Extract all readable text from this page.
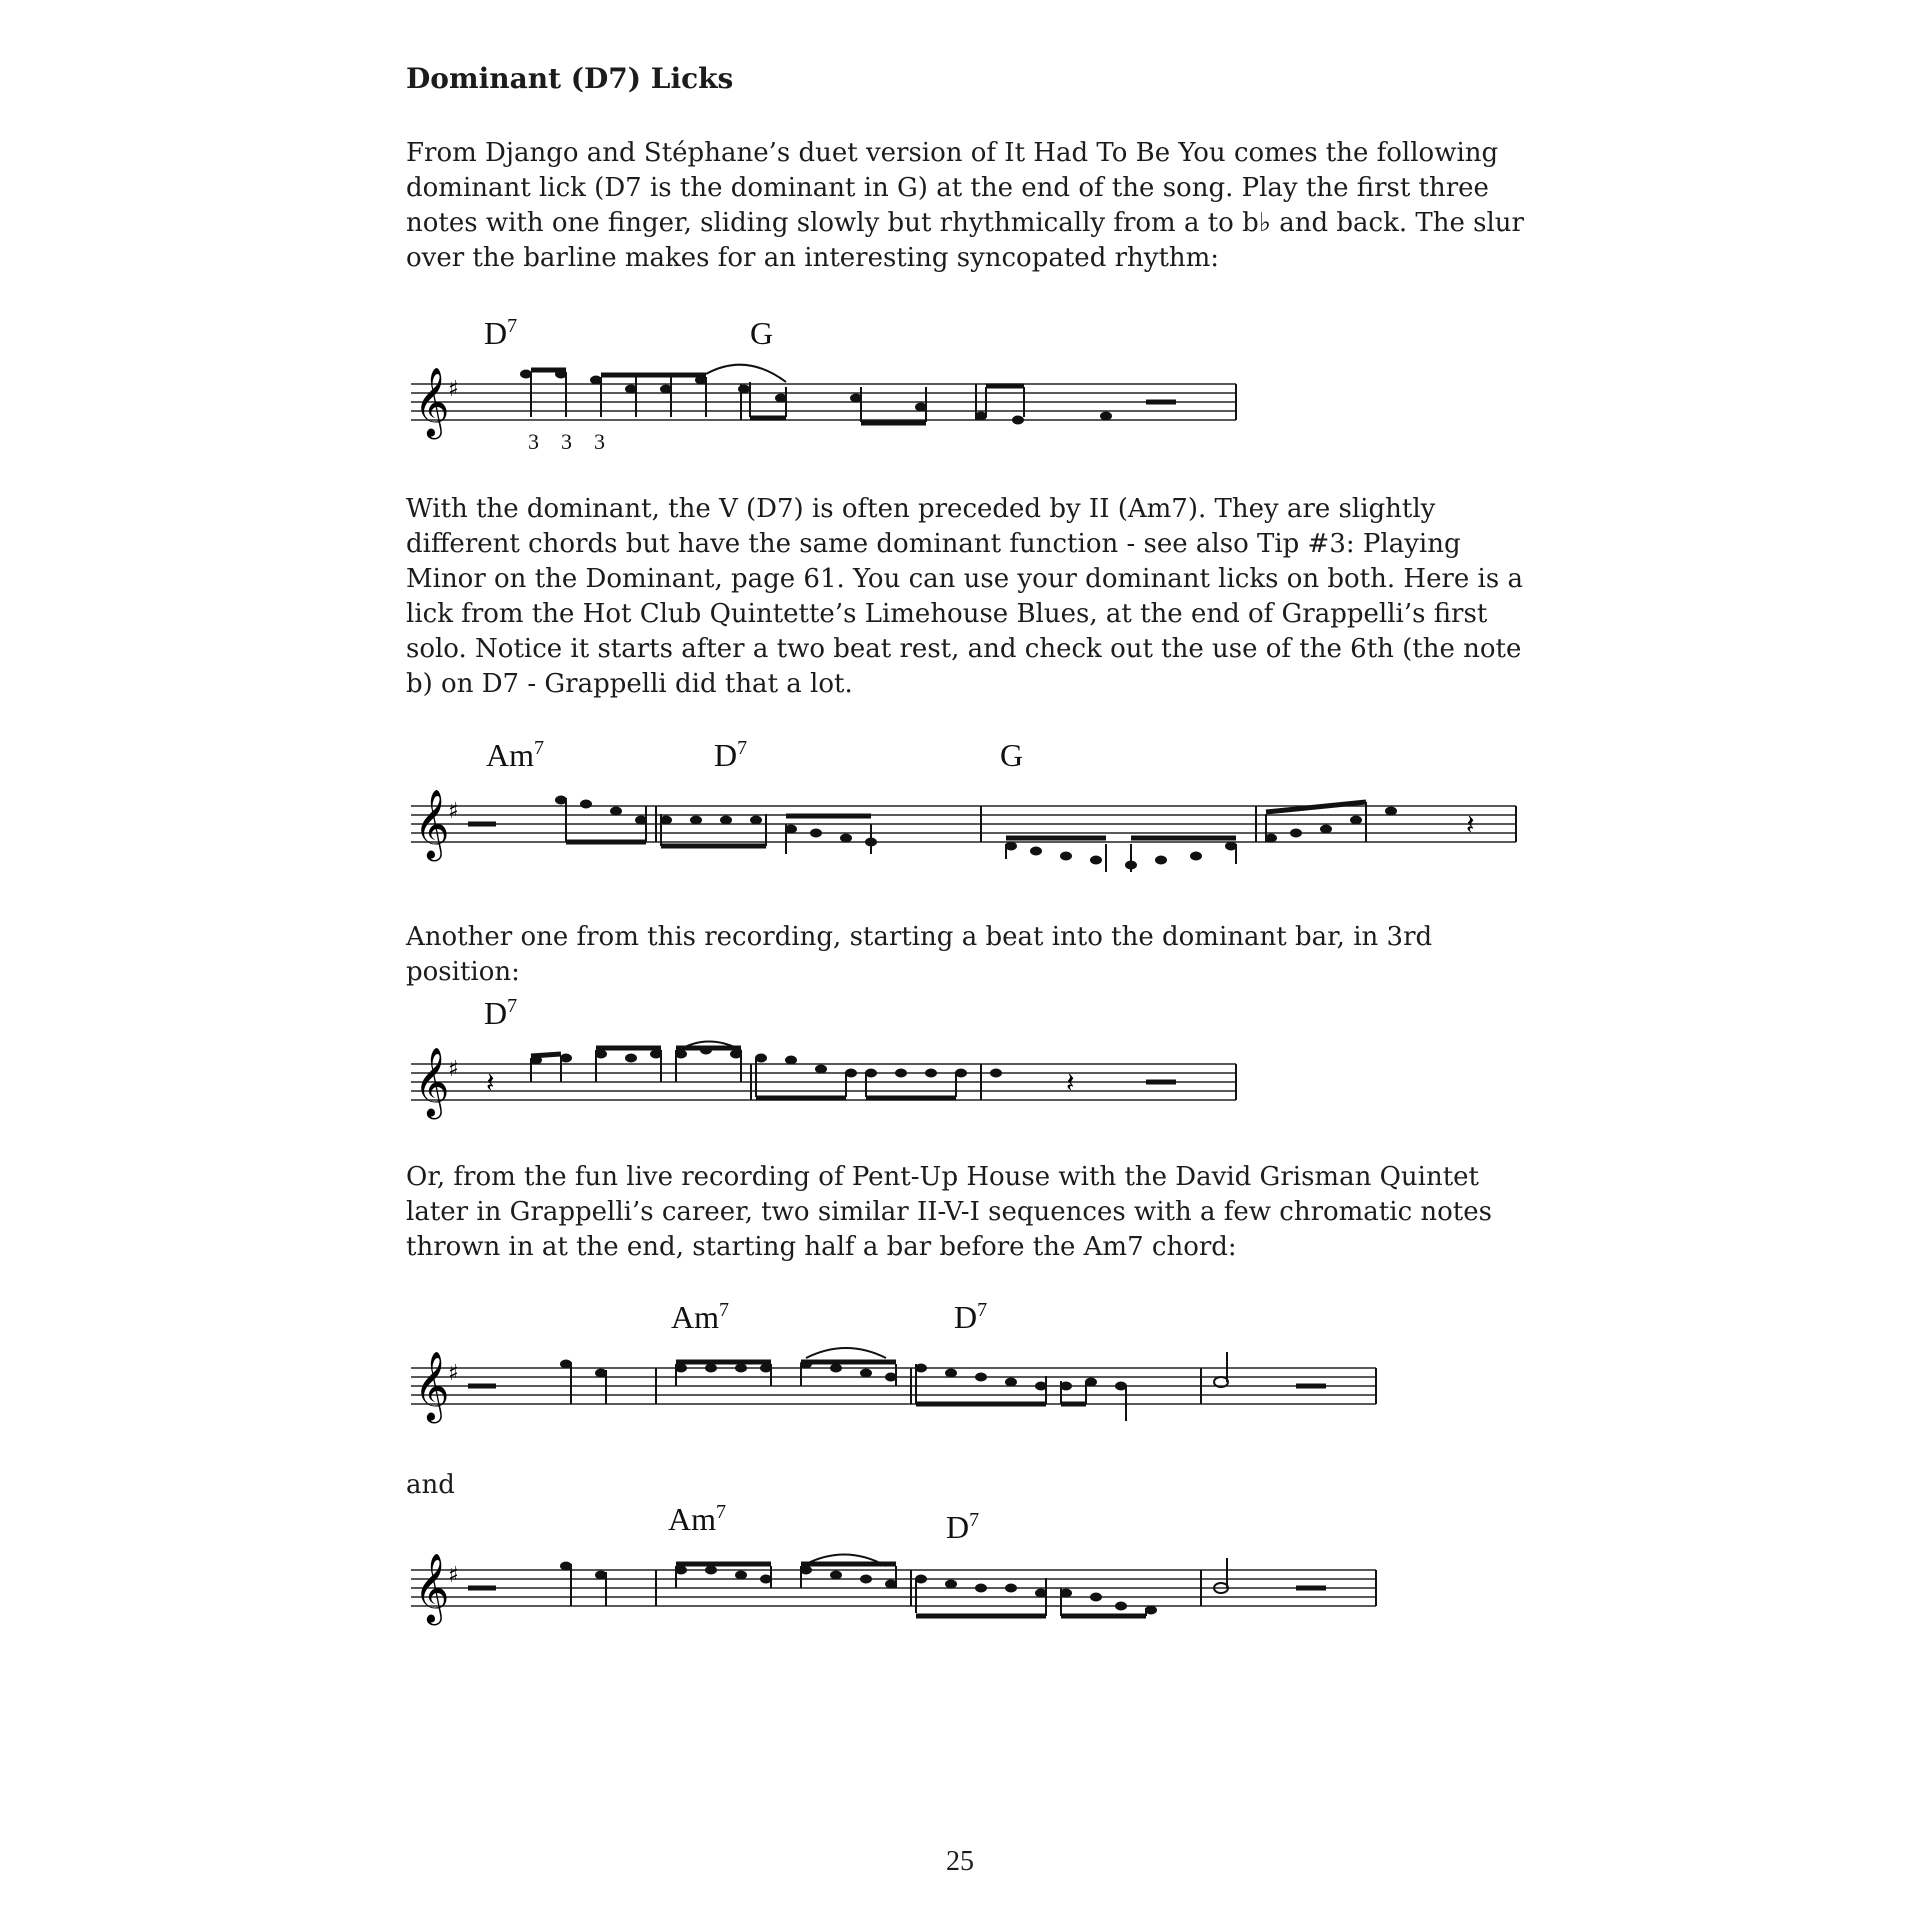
Dominant (D7) Licks
From Django and Stéphane’s duet version of It Had To Be You comes the following dominant lick (D7 is the dominant in G) at the end of the song. Play the first three notes with one finger, sliding slowly but rhythmically from a to b♭ and back. The slur over the barline makes for an interesting syncopated rhythm:
$D^7$	G
𝄞
♯
3 3 3
With the dominant, the V (D7) is often preceded by II (Am7). They are slightly different chords but have the same dominant function - see also Tip #3: Playing Minor on the Dominant, page 61. You can use your dominant licks on both. Here is a lick from the Hot Club Quintette’s Limehouse Blues, at the end of Grappelli’s first solo. Notice it starts after a two beat rest, and check out the use of the 6th (the note b) on D7 - Grappelli did that a lot.
Am$^7$	$D^7$	G
𝄞
♯	𝄽
Another one from this recording, starting a beat into the dominant bar, in 3rd position:
$D^7$
𝄞
♯ 𝄽	𝄽
Or, from the fun live recording of Pent-Up House with the David Grisman Quintet later in Grappelli’s career, two similar II-V-I sequences with a few chromatic notes thrown in at the end, starting half a bar before the Am7 chord:
Am$^7$	$D^7$
𝄞
♯
and
Am$^7$	$D^7$
𝄞
♯
25
